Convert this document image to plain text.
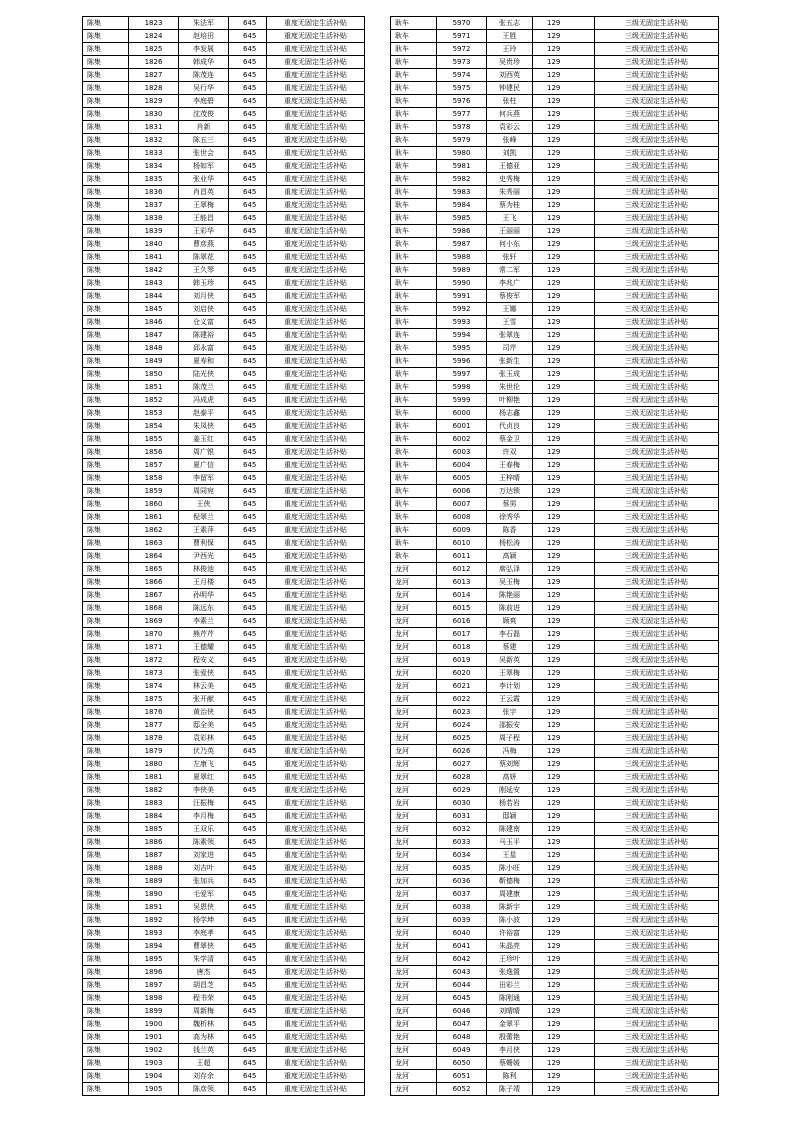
陈集	1823	朱法军	645	重度无固定生活补贴
陈集	1824	赵培田	645	重度无固定生活补贴
陈集	1825	李发展	645	重度无固定生活补贴
陈集	1826	韩成华	645	重度无固定生活补贴
陈集	1827	陈茂连	645	重度无固定生活补贴
陈集	1828	吴行华	645	重度无固定生活补贴
陈集	1829	李庭碧	645	重度无固定生活补贴
陈集	1830	沈茂俊	645	重度无固定生活补贴
陈集	1831	肖新	645	重度无固定生活补贴
陈集	1832	陈五三	645	重度无固定生活补贴
陈集	1833	张世会	645	重度无固定生活补贴
陈集	1834	杨如军	645	重度无固定生活补贴
陈集	1835	张业华	645	重度无固定生活补贴
陈集	1836	肖昌英	645	重度无固定生活补贴
陈集	1837	王翠梅	645	重度无固定生活补贴
陈集	1838	王能昌	645	重度无固定生活补贴
陈集	1839	王彩华	645	重度无固定生活补贴
陈集	1840	曹彦燕	645	重度无固定生活补贴
陈集	1841	陈翠花	645	重度无固定生活补贴
陈集	1842	王久琴	645	重度无固定生活补贴
陈集	1843	韩玉珍	645	重度无固定生活补贴
陈集	1844	刘月侠	645	重度无固定生活补贴
陈集	1845	刘启侠	645	重度无固定生活补贴
陈集	1846	仓义富	645	重度无固定生活补贴
陈集	1847	陈建裕	645	重度无固定生活补贴
陈集	1848	邱永富	645	重度无固定生活补贴
陈集	1849	夏寿和	645	重度无固定生活补贴
陈集	1850	陆光侠	645	重度无固定生活补贴
陈集	1851	陈茂兰	645	重度无固定生活补贴
陈集	1852	冯成虎	645	重度无固定生活补贴
陈集	1853	赵泰平	645	重度无固定生活补贴
陈集	1854	朱凤侠	645	重度无固定生活补贴
陈集	1855	姜玉红	645	重度无固定生活补贴
陈集	1856	周广银	645	重度无固定生活补贴
陈集	1857	夏广信	645	重度无固定生活补贴
陈集	1858	李留军	645	重度无固定生活补贴
陈集	1859	周同宛	645	重度无固定生活补贴
陈集	1860	王侠	645	重度无固定生活补贴
陈集	1861	倪翠兰	645	重度无固定生活补贴
陈集	1862	王素萍	645	重度无固定生活补贴
陈集	1863	曹利保	645	重度无固定生活补贴
陈集	1864	尹西光	645	重度无固定生活补贴
陈集	1865	林俊池	645	重度无固定生活补贴
陈集	1866	王月楼	645	重度无固定生活补贴
陈集	1867	孙明华	645	重度无固定生活补贴
陈集	1868	陈远东	645	重度无固定生活补贴
陈集	1869	李素兰	645	重度无固定生活补贴
陈集	1870	熊芹芹	645	重度无固定生活补贴
陈集	1871	王德耀	645	重度无固定生活补贴
陈集	1872	程安义	645	重度无固定生活补贴
陈集	1873	张爱侠	645	重度无固定生活补贴
陈集	1874	林云美	645	重度无固定生活补贴
陈集	1875	张开献	645	重度无固定生活补贴
陈集	1876	黄治侠	645	重度无固定生活补贴
陈集	1877	邸全美	645	重度无固定生活补贴
陈集	1878	袁彩林	645	重度无固定生活补贴
陈集	1879	伏乃英	645	重度无固定生活补贴
陈集	1880	左康飞	645	重度无固定生活补贴
陈集	1881	夏翠红	645	重度无固定生活补贴
陈集	1882	李侠美	645	重度无固定生活补贴
陈集	1883	汪振梅	645	重度无固定生活补贴
陈集	1884	李月梅	645	重度无固定生活补贴
陈集	1885	王双乐	645	重度无固定生活补贴
陈集	1886	陈素领	645	重度无固定生活补贴
陈集	1887	刘家进	645	重度无固定生活补贴
陈集	1888	刘吉叶	645	重度无固定生活补贴
陈集	1889	张加兵	645	重度无固定生活补贴
陈集	1890	毛爱军	645	重度无固定生活补贴
陈集	1891	吴恩侠	645	重度无固定生活补贴
陈集	1892	杨学坤	645	重度无固定生活补贴
陈集	1893	李庭孝	645	重度无固定生活补贴
陈集	1894	曹翠侠	645	重度无固定生活补贴
陈集	1895	朱学清	645	重度无固定生活补贴
陈集	1896	唐杰	645	重度无固定生活补贴
陈集	1897	胡昌芝	645	重度无固定生活补贴
陈集	1898	程书荣	645	重度无固定生活补贴
陈集	1899	周新梅	645	重度无固定生活补贴
陈集	1900	魏析林	645	重度无固定生活补贴
陈集	1901	高为林	645	重度无固定生活补贴
陈集	1902	钱兰英	645	重度无固定生活补贴
陈集	1903	王超	645	重度无固定生活补贴
陈集	1904	刘存余	645	重度无固定生活补贴
陈集	1905	陈彦领	645	重度无固定生活补贴
耿车	5970	张五志	129	三级无固定生活补贴
耿车	5971	王胜	129	三级无固定生活补贴
耿车	5972	王玲	129	三级无固定生活补贴
耿车	5973	吴贵珍	129	三级无固定生活补贴
耿车	5974	刘西英	129	三级无固定生活补贴
耿车	5975	钟建民	129	三级无固定生活补贴
耿车	5976	张柱	129	三级无固定生活补贴
耿车	5977	何兵燕	129	三级无固定生活补贴
耿车	5978	袁彩云	129	三级无固定生活补贴
耿车	5979	张峰	129	三级无固定生活补贴
耿车	5980	刘凯	129	三级无固定生活补贴
耿车	5981	王德亚	129	三级无固定生活补贴
耿车	5982	史秀梅	129	三级无固定生活补贴
耿车	5983	朱秀丽	129	三级无固定生活补贴
耿车	5984	蔡为桂	129	三级无固定生活补贴
耿车	5985	王飞	129	三级无固定生活补贴
耿车	5986	王丽丽	129	三级无固定生活补贴
耿车	5987	何小东	129	三级无固定生活补贴
耿车	5988	张轩	129	三级无固定生活补贴
耿车	5989	常二军	129	三级无固定生活补贴
耿车	5990	李兆广	129	三级无固定生活补贴
耿车	5991	蔡俊军	129	三级无固定生活补贴
耿车	5992	王娜	129	三级无固定生活补贴
耿车	5993	王雪	129	三级无固定生活补贴
耿车	5994	张翠连	129	三级无固定生活补贴
耿车	5995	司芹	129	三级无固定生活补贴
耿车	5996	张新生	129	三级无固定生活补贴
耿车	5997	张玉成	129	三级无固定生活补贴
耿车	5998	朱世伦	129	三级无固定生活补贴
耿车	5999	叶柳艳	129	三级无固定生活补贴
耿车	6000	杨志鑫	129	三级无固定生活补贴
耿车	6001	代贞良	129	三级无固定生活补贴
耿车	6002	蔡金卫	129	三级无固定生活补贴
耿车	6003	许双	129	三级无固定生活补贴
耿车	6004	王春梅	129	三级无固定生活补贴
耿车	6005	王梓晴	129	三级无固定生活补贴
耿车	6006	万达锁	129	三级无固定生活补贴
耿车	6007	蔡男	129	三级无固定生活补贴
耿车	6008	徐秀华	129	三级无固定生活补贴
耿车	6009	陈香	129	三级无固定生活补贴
耿车	6010	杨松涛	129	三级无固定生活补贴
耿车	6011	高颖	129	三级无固定生活补贴
龙河	6012	席弘泽	129	三级无固定生活补贴
龙河	6013	吴玉梅	129	三级无固定生活补贴
龙河	6014	陈艳丽	129	三级无固定生活补贴
龙河	6015	陈前进	129	三级无固定生活补贴
龙河	6016	顾爽	129	三级无固定生活补贴
龙河	6017	李石磊	129	三级无固定生活补贴
龙河	6018	蔡建	129	三级无固定生活补贴
龙河	6019	吴新英	129	三级无固定生活补贴
龙河	6020	王翠梅	129	三级无固定生活补贴
龙河	6021	李计划	129	三级无固定生活补贴
龙河	6022	王云霞	129	三级无固定生活补贴
龙河	6023	张宇	129	三级无固定生活补贴
龙河	6024	邵振安	129	三级无固定生活补贴
龙河	6025	周子程	129	三级无固定生活补贴
龙河	6026	冯梅	129	三级无固定生活补贴
龙河	6027	蔡刘辉	129	三级无固定生活补贴
龙河	6028	高妍	129	三级无固定生活补贴
龙河	6029	刚延安	129	三级无固定生活补贴
龙河	6030	杨若岩	129	三级无固定生活补贴
龙河	6031	邸颖	129	三级无固定生活补贴
龙河	6032	陈建南	129	三级无固定生活补贴
龙河	6033	马玉平	129	三级无固定生活补贴
龙河	6034	王星	129	三级无固定生活补贴
龙河	6035	陈小旺	129	三级无固定生活补贴
龙河	6036	靳德梅	129	三级无固定生活补贴
龙河	6037	周建康	129	三级无固定生活补贴
龙河	6038	陈新宇	129	三级无固定生活补贴
龙河	6039	陈小波	129	三级无固定生活补贴
龙河	6040	许裕富	129	三级无固定生活补贴
龙河	6041	朱晶亮	129	三级无固定生活补贴
龙河	6042	王珍叶	129	三级无固定生活补贴
龙河	6043	张逸置	129	三级无固定生活补贴
龙河	6044	田彩兰	129	三级无固定生活补贴
龙河	6045	陈刚通	129	三级无固定生活补贴
龙河	6046	刘晴晴	129	三级无固定生活补贴
龙河	6047	金翠平	129	三级无固定生活补贴
龙河	6048	殷蕾艳	129	三级无固定生活补贴
龙河	6049	李月侠	129	三级无固定生活补贴
龙河	6050	蔡姗媛	129	三级无固定生活补贴
龙河	6051	陈利	129	三级无固定生活补贴
龙河	6052	陈子靖	129	三级无固定生活补贴
